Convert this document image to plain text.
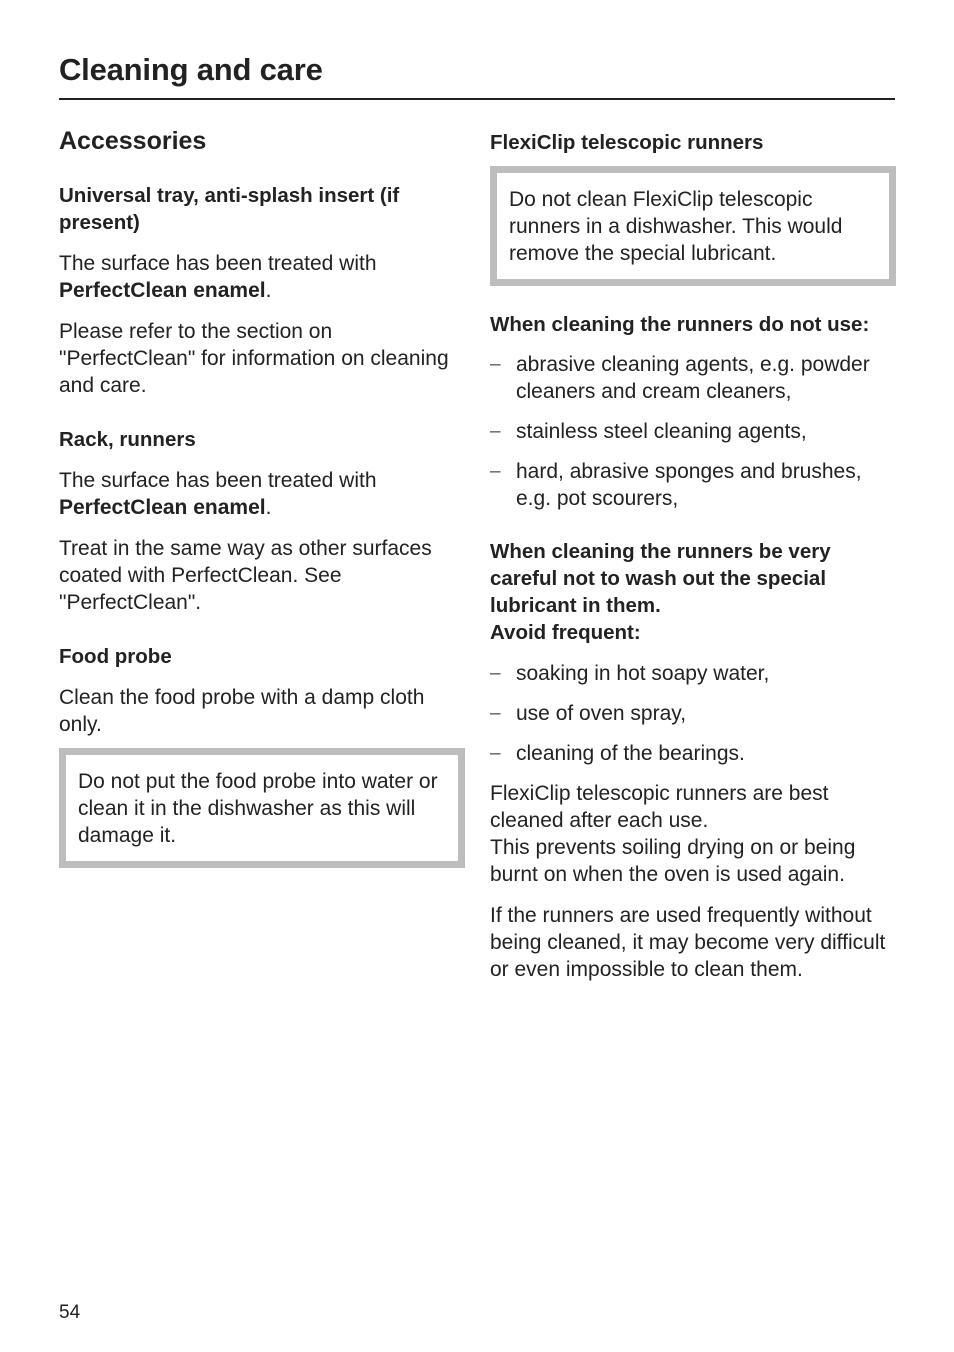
Cleaning and care
Accessories
Universal tray, anti-splash insert (if present)

The surface has been treated with
PerfectClean enamel.

Please refer to the section on "PerfectClean" for information on cleaning and care.

Rack, runners

The surface has been treated with
PerfectClean enamel.

Treat in the same way as other surfaces coated with PerfectClean. See "PerfectClean".

Food probe

Clean the food probe with a damp cloth only.

Do not put the food probe into water or clean it in the dishwasher as this will damage it.

FlexiClip telescopic runners

Do not clean FlexiClip telescopic runners in a dishwasher. This would remove the special lubricant.

When cleaning the runners do not use:
– abrasive cleaning agents, e.g. powder cleaners and cream cleaners,
– stainless steel cleaning agents,
– hard, abrasive sponges and brushes, e.g. pot scourers,
When cleaning the runners be very careful not to wash out the special lubricant in them.
Avoid frequent:
– soaking in hot soapy water,
– use of oven spray,
– cleaning of the bearings.

FlexiClip telescopic runners are best cleaned after each use.
This prevents soiling drying on or being burnt on when the oven is used again.

If the runners are used frequently without being cleaned, it may become very difficult or even impossible to clean them.

54
